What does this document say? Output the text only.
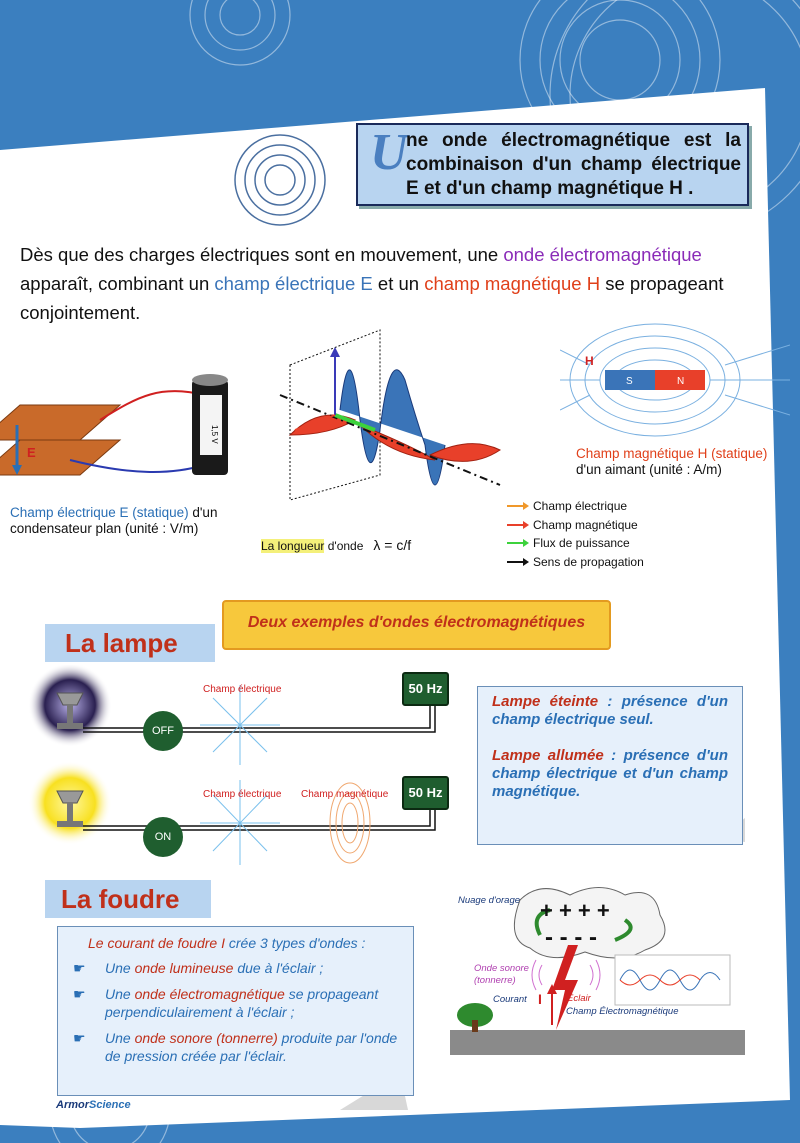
U
ne onde électromagnétique est la combinaison d'un champ électrique E et d'un champ magnétique H .
Dès que des charges électriques sont en mouvement, une onde électromagnétique apparaît, combinant un champ électrique E et un champ magnétique H se propageant conjointement.
1,5 V
E
Champ électrique E (statique) d'un
condensateur plan (unité : V/m)
La longueur d'onde λ = c/f
Champ électrique
Champ magnétique
Flux de puissance
Sens de propagation
S	N
H
Champ magnétique H (statique)
d'un aimant (unité : A/m)
Deux exemples d'ondes électromagnétiques
La lampe
OFF
ON
50 Hz
50 Hz
Champ électrique
Champ électrique Champ magnétique
Lampe éteinte : présence d'un champ électrique seul.
Lampe allumée : présence d'un champ électrique et d'un champ magnétique.
La foudre
Le courant de foudre I crée 3 types d'ondes :
☛ Une onde lumineuse due à l'éclair ;
☛ Une onde électromagnétique se propageant perpendiculairement à l'éclair ;
☛ Une onde sonore (tonnerre) produite par l'onde de pression créée par l'éclair.
Nuage d'orage
Onde sonore
(tonnerre)
Courant I	Éclair
Champ Électromagnétique
+ + + +
- - - -
ArmorScience
